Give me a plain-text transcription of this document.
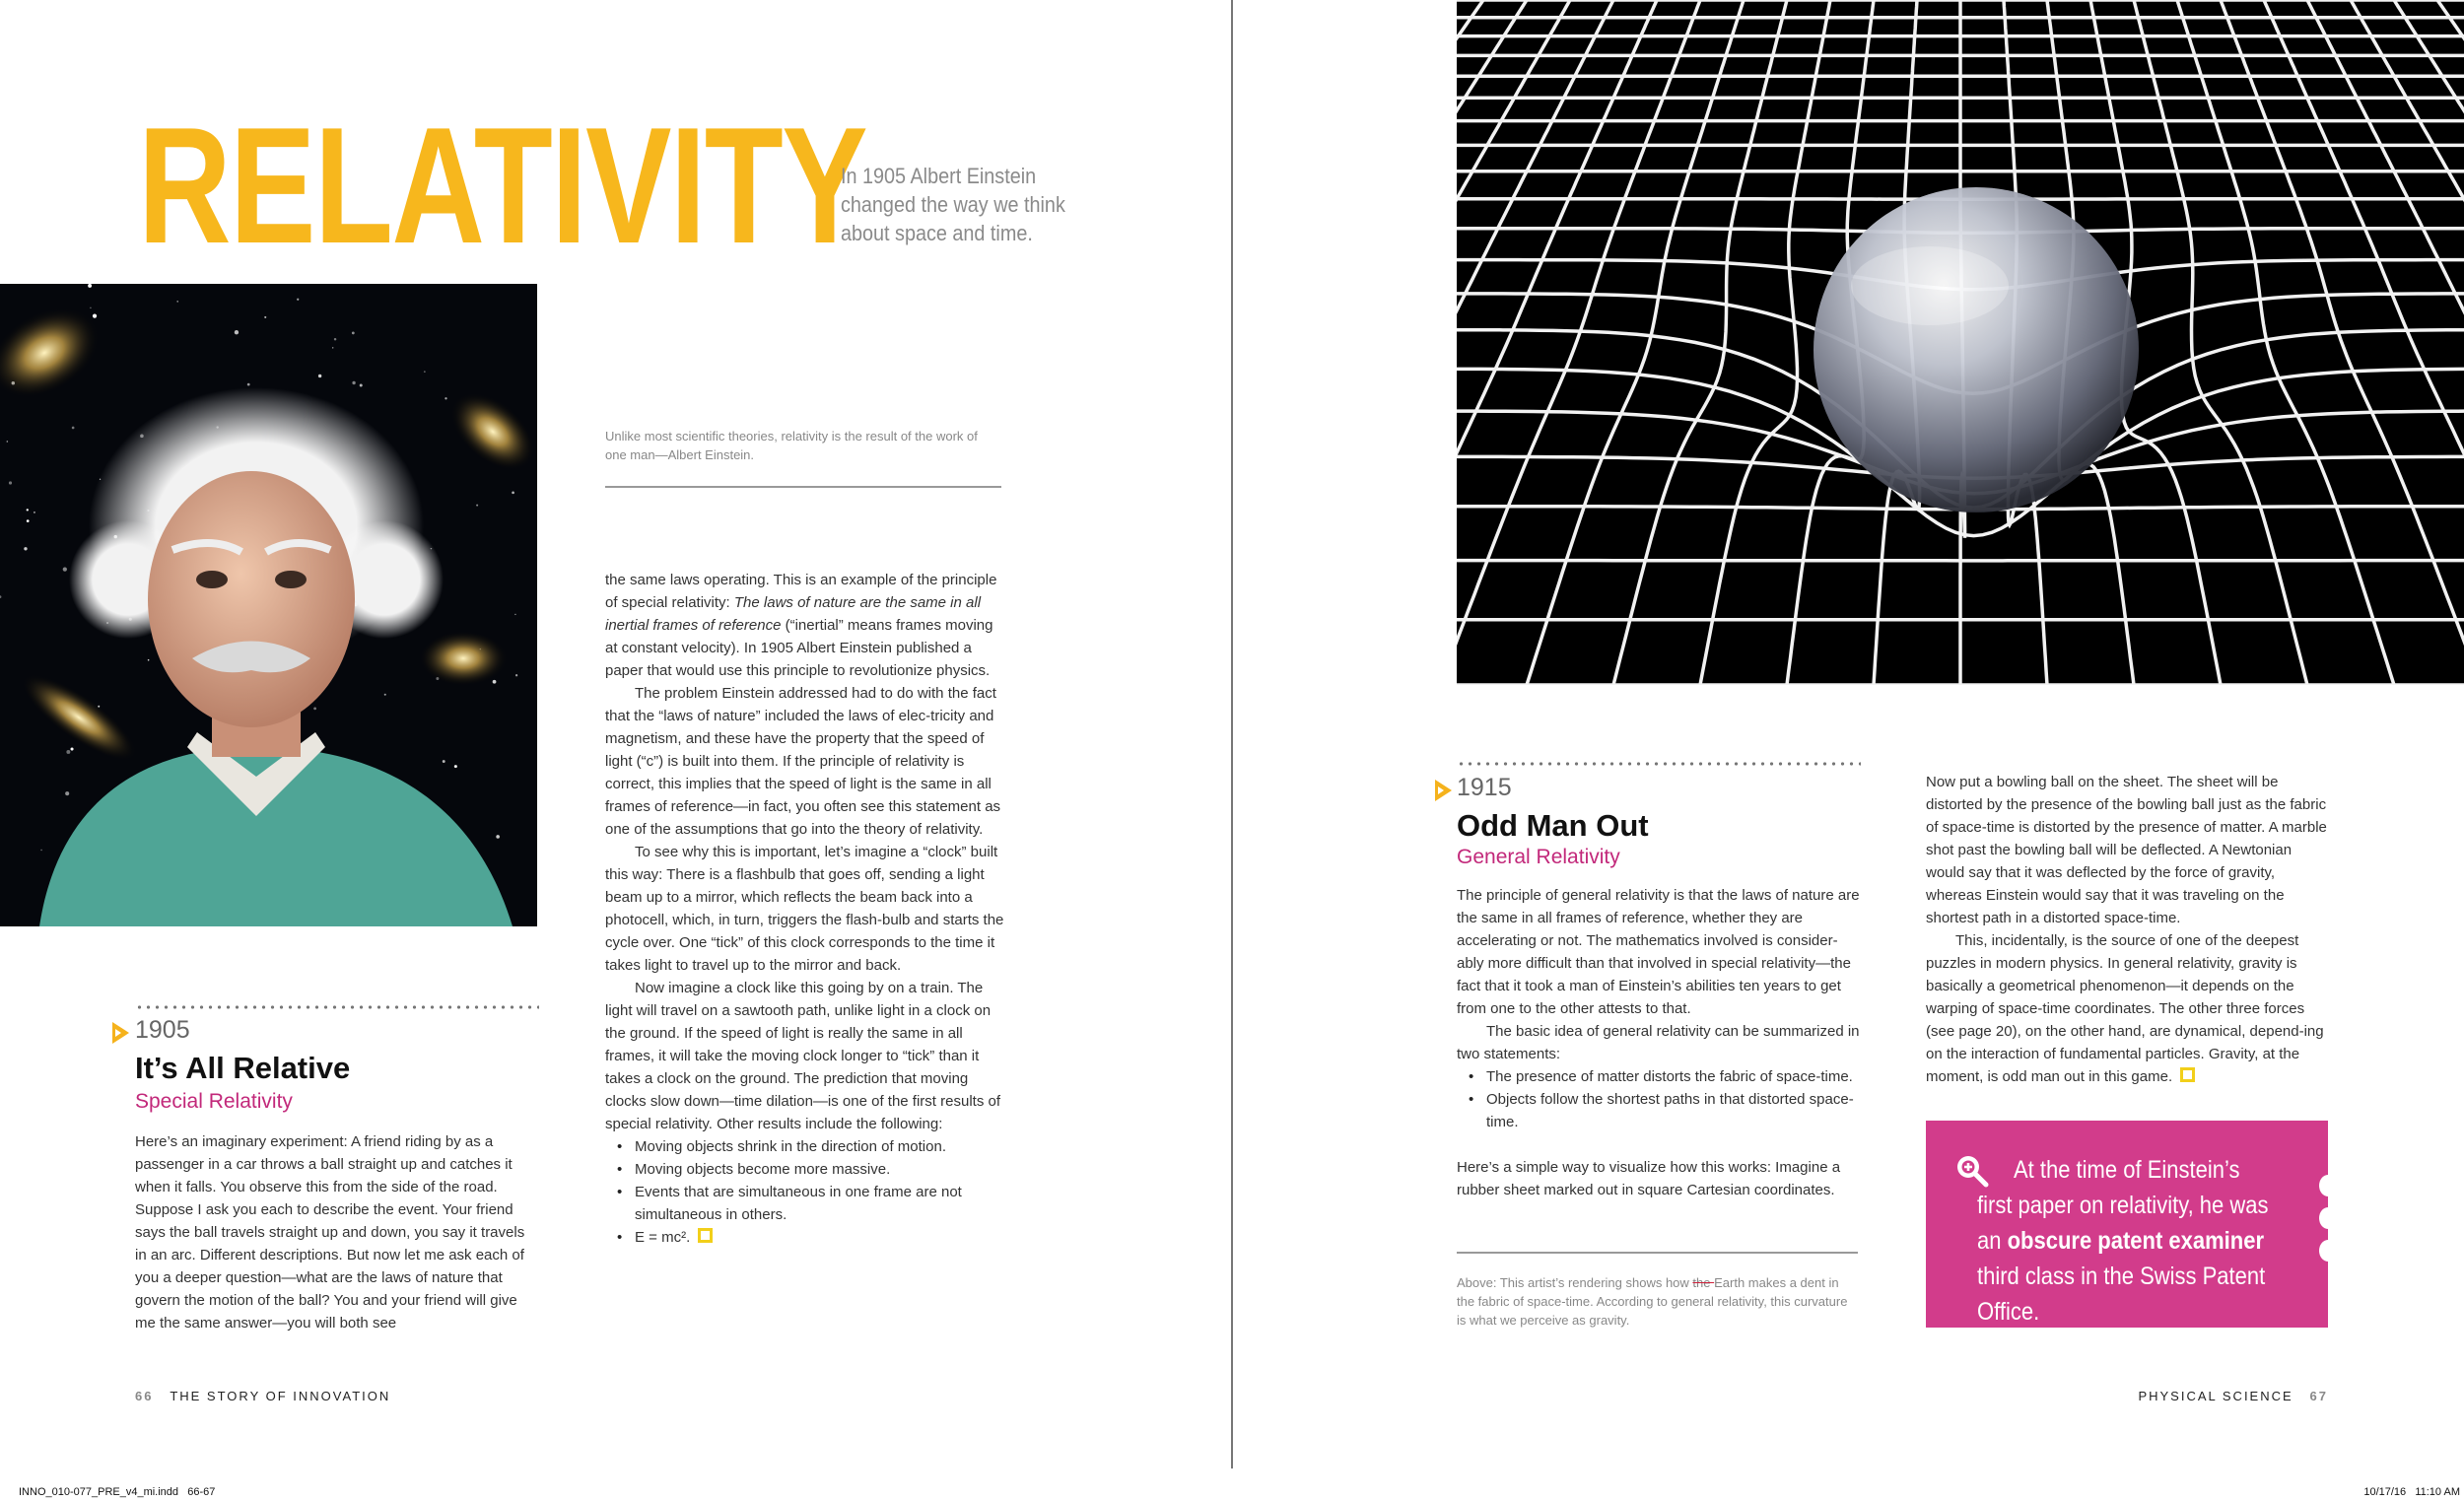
RELATIVITY
In 1905 Albert Einstein changed the way we think about space and time.
Unlike most scientific theories, relativity is the result of the work of one man—Albert Einstein.

the same laws operating. This is an example of the principle of special relativity: The laws of nature are the same in all inertial frames of reference (“inertial” means frames moving at constant velocity). In 1905 Albert Einstein published a paper that would use this principle to revolutionize physics.

The problem Einstein addressed had to do with the fact that the “laws of nature” included the laws of elec-tricity and magnetism, and these have the property that the speed of light (“c”) is built into them. If the principle of relativity is correct, this implies that the speed of light is the same in all frames of reference—in fact, you often see this statement as one of the assumptions that go into the theory of relativity.

To see why this is important, let’s imagine a “clock” built this way: There is a flashbulb that goes off, sending a light beam up to a mirror, which reflects the beam back into a photocell, which, in turn, triggers the flash-bulb and starts the cycle over. One “tick” of this clock corresponds to the time it takes light to travel up to the mirror and back.

Now imagine a clock like this going by on a train. The light will travel on a sawtooth path, unlike light in a clock on the ground. If the speed of light is really the same in all frames, it will take the moving clock longer to “tick” than it takes a clock on the ground. The prediction that moving clocks slow down—time dilation—is one of the first results of special relativity. Other results include the following:

• Moving objects shrink in the direction of motion.
• Moving objects become more massive.
• Events that are simultaneous in one frame are not simultaneous in others.
• E = mc².
1905
It’s All Relative
Special Relativity

Here’s an imaginary experiment: A friend riding by as a passenger in a car throws a ball straight up and catches it when it falls. You observe this from the side of the road. Suppose I ask you each to describe the event. Your friend says the ball travels straight up and down, you say it travels in an arc. Different descriptions. But now let me ask each of you a deeper question—what are the laws of nature that govern the motion of the ball? You and your friend will give me the same answer—you will both see

1915
Odd Man Out
General Relativity

The principle of general relativity is that the laws of nature are the same in all frames of reference, whether they are accelerating or not. The mathematics involved is consider-ably more difficult than that involved in special relativity—the fact that it took a man of Einstein’s abilities ten years to get from one to the other attests to that.

The basic idea of general relativity can be summarized in two statements:

• The presence of matter distorts the fabric of space-time.
• Objects follow the shortest paths in that distorted space-time.

Here’s a simple way to visualize how this works: Imagine a rubber sheet marked out in square Cartesian coordinates.

Above: This artist’s rendering shows how the Earth makes a dent in the fabric of space-time. According to general relativity, this curvature is what we perceive as gravity.

Now put a bowling ball on the sheet. The sheet will be distorted by the presence of the bowling ball just as the fabric of space-time is distorted by the presence of matter. A marble shot past the bowling ball will be deflected. A Newtonian would say that it was deflected by the force of gravity, whereas Einstein would say that it was traveling on the shortest path in a distorted space-time.

This, incidentally, is the source of one of the deepest puzzles in modern physics. In general relativity, gravity is basically a geometrical phenomenon—it depends on the warping of space-time coordinates. The other three forces (see page 20), on the other hand, are dynamical, depend-ing on the interaction of fundamental particles. Gravity, at the moment, is odd man out in this game.

At the time of Einstein’s first paper on relativity, he was an obscure patent examiner third class in the Swiss Patent Office.
66 THE STORY OF INNOVATION	PHYSICAL SCIENCE 67
INNO_010-077_PRE_v4_mi.indd   66-67	10/17/16   11:10 AM
